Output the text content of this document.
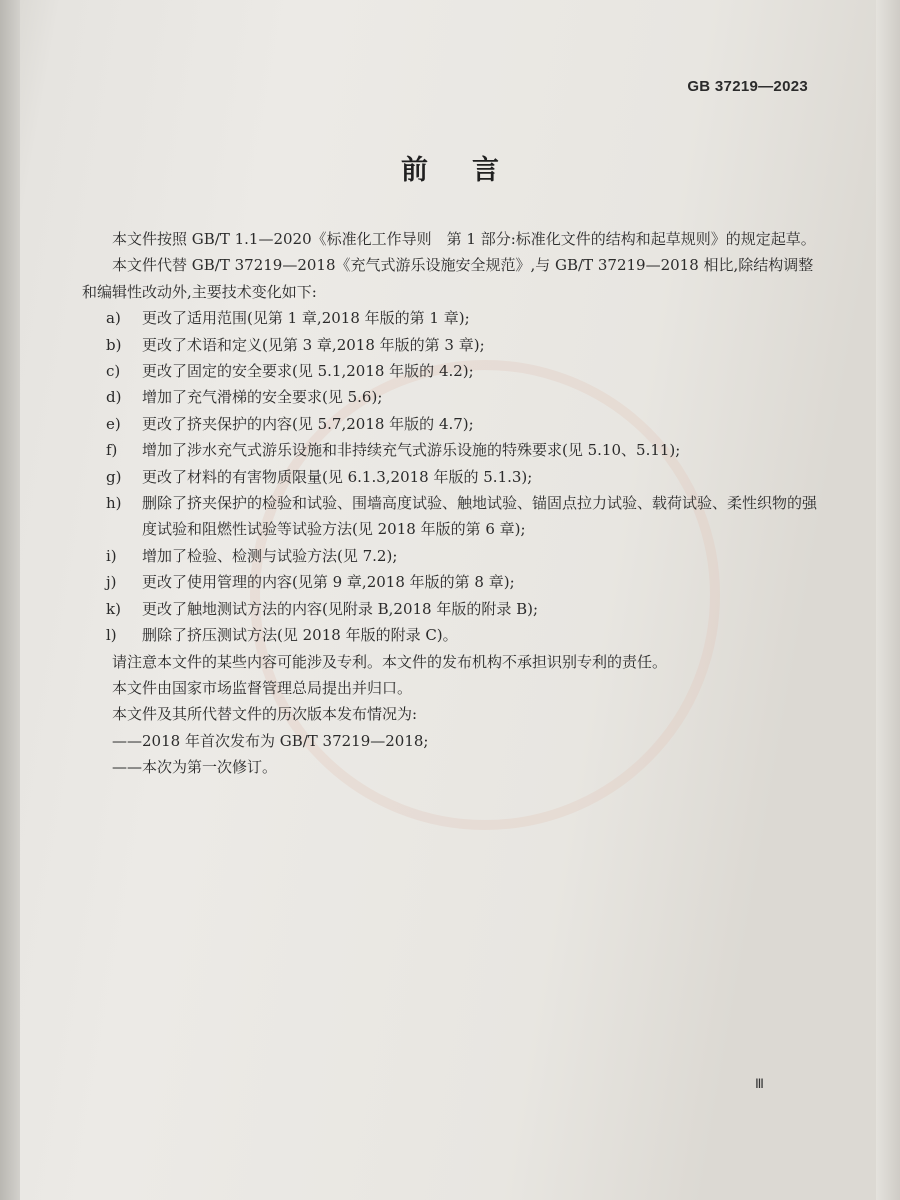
GB 37219—2023
前言

本文件按照 GB/T 1.1—2020《标准化工作导则　第 1 部分:标准化文件的结构和起草规则》的规定起草。

本文件代替 GB/T 37219—2018《充气式游乐设施安全规范》,与 GB/T 37219—2018 相比,除结构调整和编辑性改动外,主要技术变化如下:

a)	更改了适用范围(见第 1 章,2018 年版的第 1 章);
b)	更改了术语和定义(见第 3 章,2018 年版的第 3 章);
c)	更改了固定的安全要求(见 5.1,2018 年版的 4.2);
d)	增加了充气滑梯的安全要求(见 5.6);
e)	更改了挤夹保护的内容(见 5.7,2018 年版的 4.7);
f)	增加了涉水充气式游乐设施和非持续充气式游乐设施的特殊要求(见 5.10、5.11);
g)	更改了材料的有害物质限量(见 6.1.3,2018 年版的 5.1.3);
h)	删除了挤夹保护的检验和试验、围墙高度试验、触地试验、锚固点拉力试验、载荷试验、柔性织物的强度试验和阻燃性试验等试验方法(见 2018 年版的第 6 章);
i)	增加了检验、检测与试验方法(见 7.2);
j)	更改了使用管理的内容(见第 9 章,2018 年版的第 8 章);
k)	更改了触地测试方法的内容(见附录 B,2018 年版的附录 B);
l)	删除了挤压测试方法(见 2018 年版的附录 C)。

请注意本文件的某些内容可能涉及专利。本文件的发布机构不承担识别专利的责任。

本文件由国家市场监督管理总局提出并归口。

本文件及其所代替文件的历次版本发布情况为:

——2018 年首次发布为 GB/T 37219—2018;

——本次为第一次修订。

Ⅲ
